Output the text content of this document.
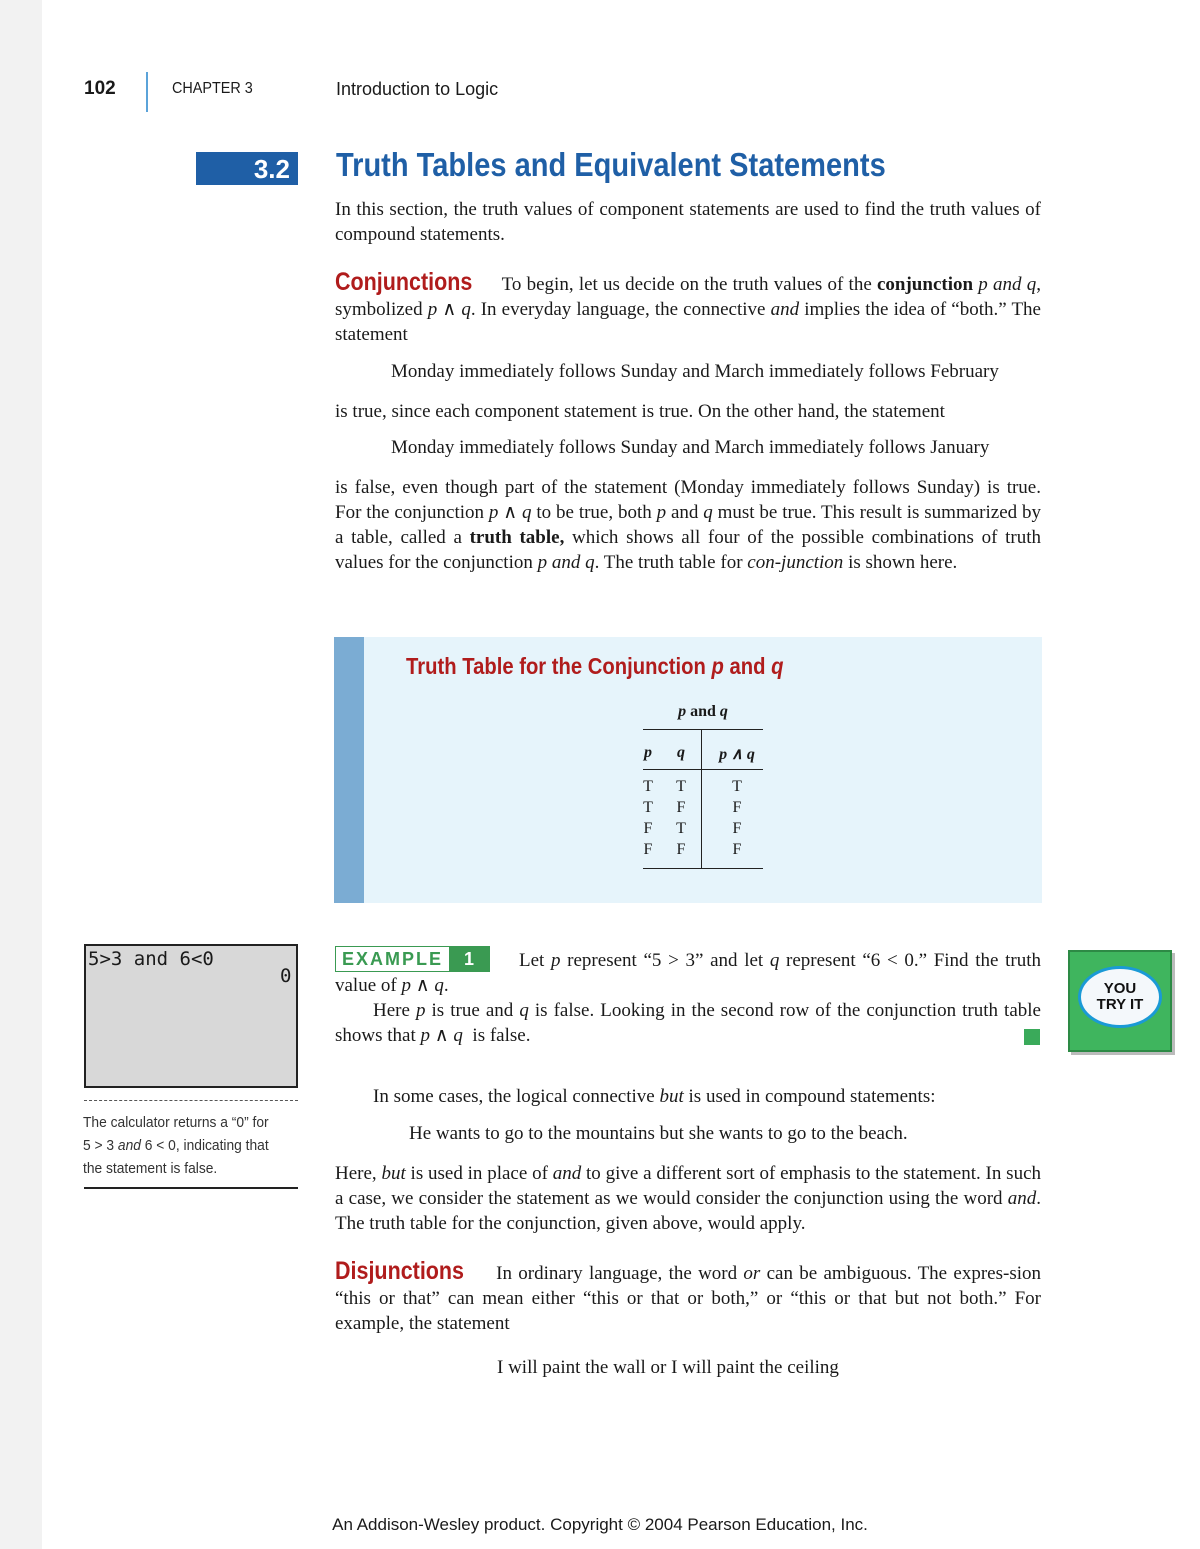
102	CHAPTER 3	Introduction to Logic
3.2 Truth Tables and Equivalent Statements
In this section, the truth values of component statements are used to find the truth values of compound statements.
Conjunctions    To begin, let us decide on the truth values of the conjunction p and q, symbolized p ∧ q. In everyday language, the connective and implies the idea of “both.” The statement
Monday immediately follows Sunday and March immediately follows February
is true, since each component statement is true. On the other hand, the statement
Monday immediately follows Sunday and March immediately follows January
is false, even though part of the statement (Monday immediately follows Sunday) is true. For the conjunction p ∧ q to be true, both p and q must be true. This result is summarized by a table, called a truth table, which shows all four of the possible combinations of truth values for the conjunction p and q. The truth table for con-junction is shown here.
Truth Table for the Conjunction p and q
p and q
p	q	p ∧ q
T	T	T
T	F	F
F	T	F
F	F	F
5>3 and 6<0
0
The calculator returns a “0” for
5 > 3 and 6 < 0, indicating that
the statement is false.
EXAMPLE	1	Let p represent “5 > 3” and let q represent “6 < 0.” Find the truth value of p ∧ q.
Here p is true and q is false. Looking in the second row of the conjunction truth table shows that p ∧ q  is false.
YOU
TRY IT
In some cases, the logical connective but is used in compound statements:
He wants to go to the mountains but she wants to go to the beach.
Here, but is used in place of and to give a different sort of emphasis to the statement. In such a case, we consider the statement as we would consider the conjunction using the word and. The truth table for the conjunction, given above, would apply.
Disjunctions    In ordinary language, the word or can be ambiguous. The expres-sion “this or that” can mean either “this or that or both,” or “this or that but not both.” For example, the statement
I will paint the wall or I will paint the ceiling
An Addison-Wesley product. Copyright © 2004 Pearson Education, Inc.
